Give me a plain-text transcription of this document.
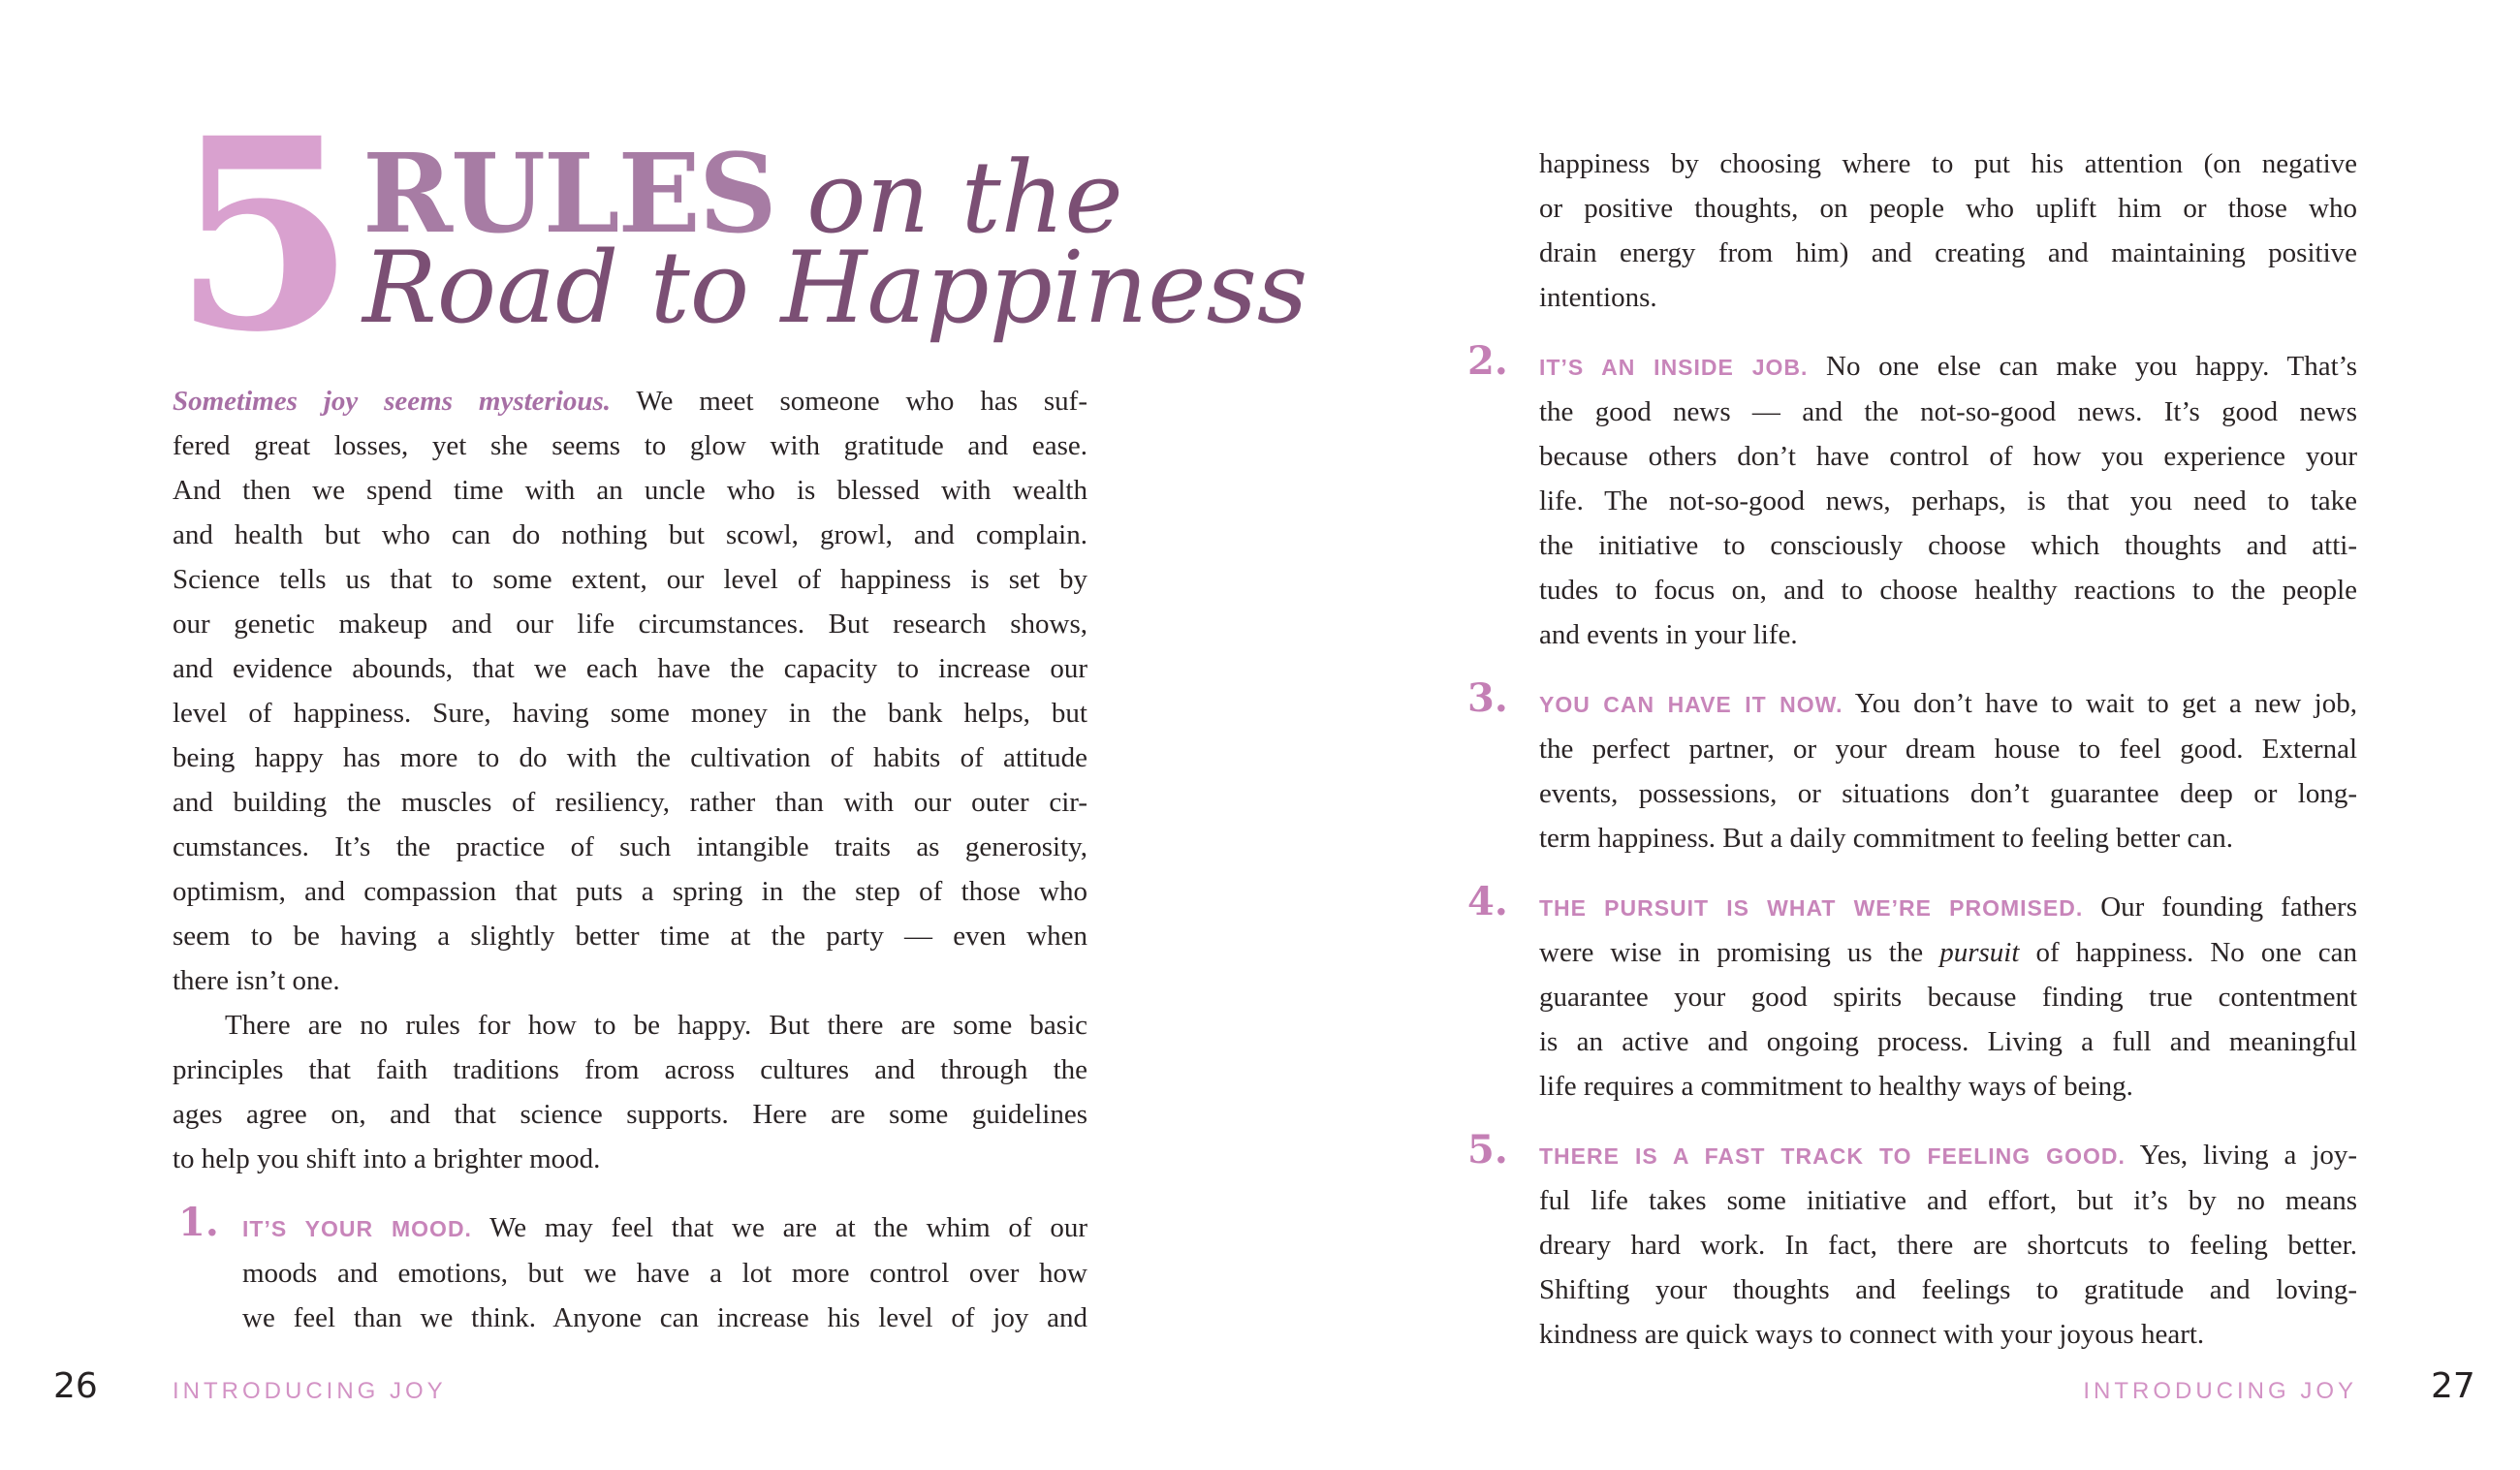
5 RULES on the
Road to Happiness
Sometimes joy seems mysterious. We meet someone who has suf-
fered great losses, yet she seems to glow with gratitude and ease.
And then we spend time with an uncle who is blessed with wealth
and health but who can do nothing but scowl, growl, and complain.
Science tells us that to some extent, our level of happiness is set by
our genetic makeup and our life circumstances. But research shows,
and evidence abounds, that we each have the capacity to increase our
level of happiness. Sure, having some money in the bank helps, but
being happy has more to do with the cultivation of habits of attitude
and building the muscles of resiliency, rather than with our outer cir-
cumstances. It’s the practice of such intangible traits as generosity,
optimism, and compassion that puts a spring in the step of those who
seem to be having a slightly better time at the party — even when
there isn’t one.
There are no rules for how to be happy. But there are some basic
principles that faith traditions from across cultures and through the
ages agree on, and that science supports. Here are some guidelines
to help you shift into a brighter mood.
1. IT’S YOUR MOOD. We may feel that we are at the whim of our
moods and emotions, but we have a lot more control over how
we feel than we think. Anyone can increase his level of joy and
happiness by choosing where to put his attention (on negative
or positive thoughts, on people who uplift him or those who
drain energy from him) and creating and maintaining positive
intentions.
2. IT’S AN INSIDE JOB. No one else can make you happy. That’s
the good news — and the not-so-good news. It’s good news
because others don’t have control of how you experience your
life. The not-so-good news, perhaps, is that you need to take
the initiative to consciously choose which thoughts and atti-
tudes to focus on, and to choose healthy reactions to the people
and events in your life.
3. YOU CAN HAVE IT NOW. You don’t have to wait to get a new job,
the perfect partner, or your dream house to feel good. External
events, possessions, or situations don’t guarantee deep or long-
term happiness. But a daily commitment to feeling better can.
4. THE PURSUIT IS WHAT WE’RE PROMISED. Our founding fathers
were wise in promising us the pursuit of happiness. No one can
guarantee your good spirits because finding true contentment
is an active and ongoing process. Living a full and meaningful
life requires a commitment to healthy ways of being.
5. THERE IS A FAST TRACK TO FEELING GOOD. Yes, living a joy-
ful life takes some initiative and effort, but it’s by no means
dreary hard work. In fact, there are shortcuts to feeling better.
Shifting your thoughts and feelings to gratitude and loving-
kindness are quick ways to connect with your joyous heart.
26	INTRODUCING JOY	INTRODUCING JOY 27
